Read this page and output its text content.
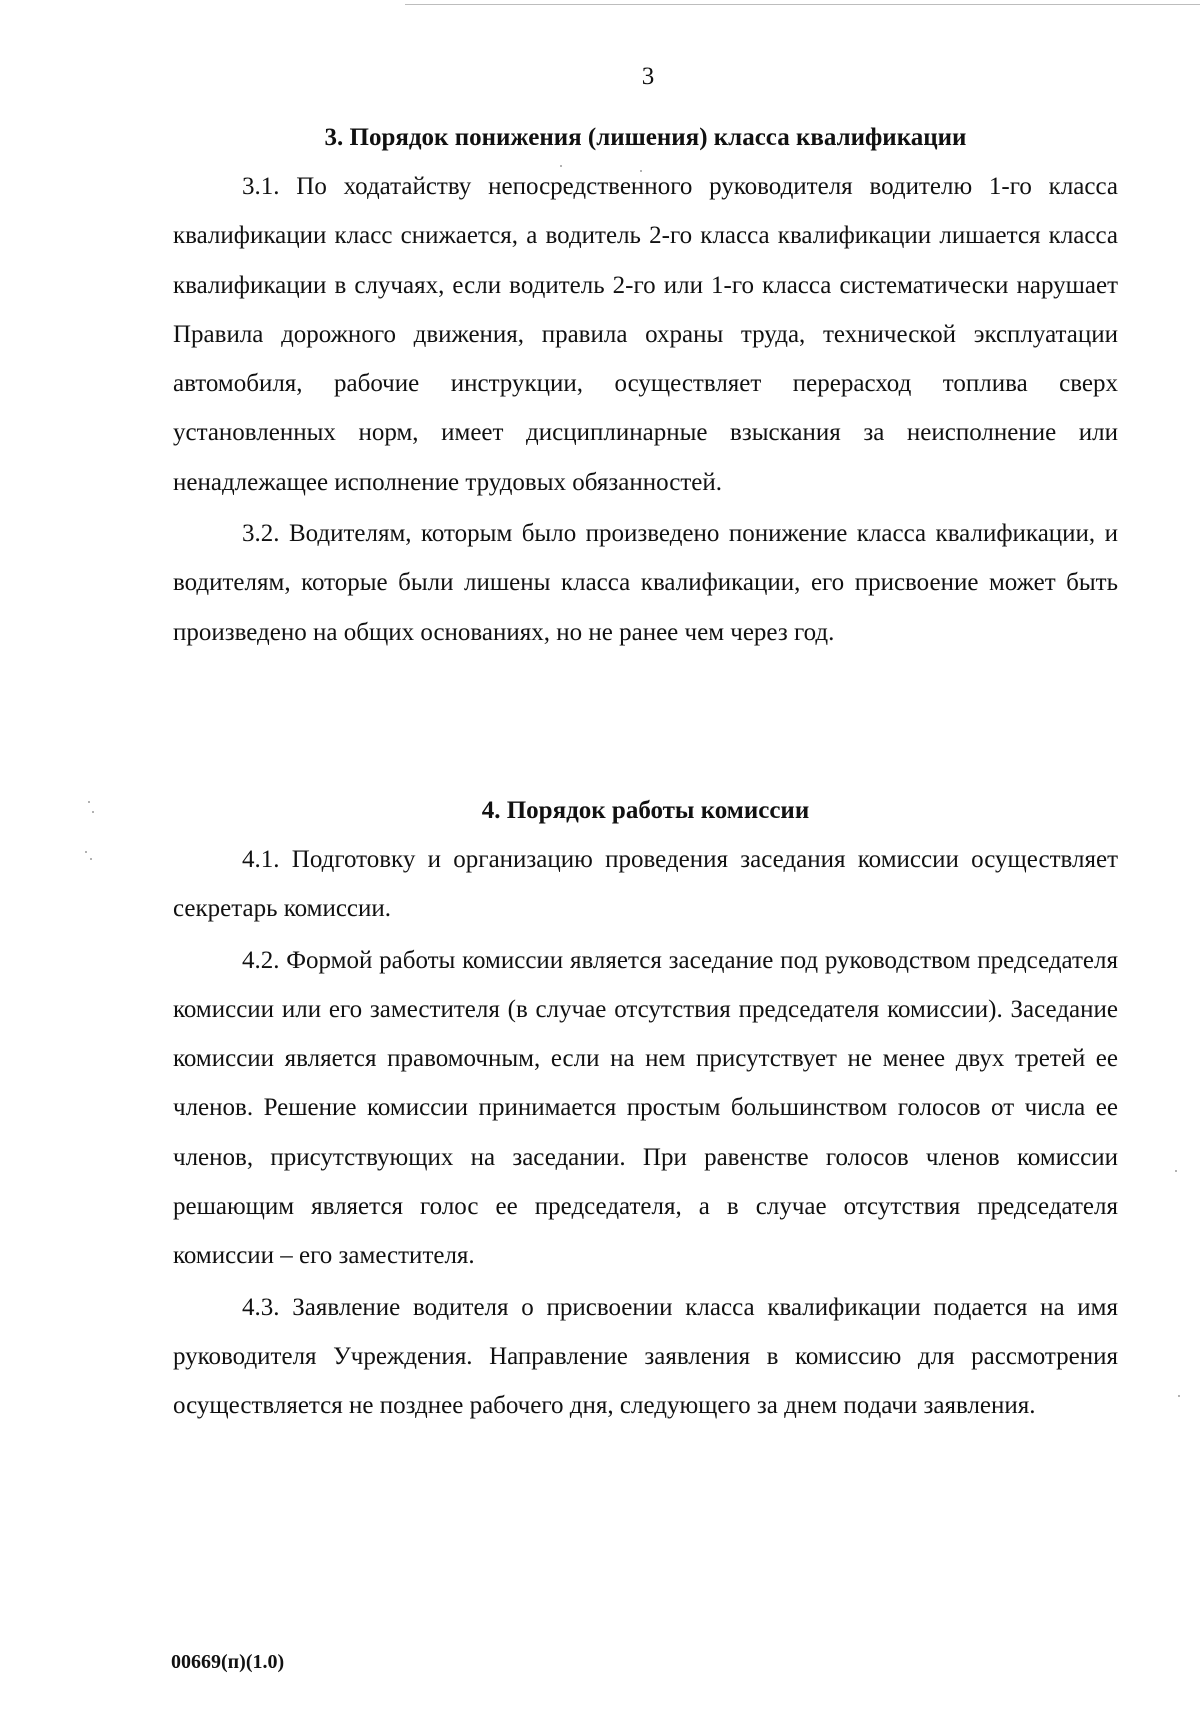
3
3. Порядок понижения (лишения) класса квалификации

3.1. По ходатайству непосредственного руководителя водителю 1-го класса квалификации класс снижается, а водитель 2-го класса квалификации лишается класса квалификации в случаях, если водитель 2-го или 1-го класса систематически нарушает Правила дорожного движения, правила охраны труда, технической эксплуатации автомобиля, рабочие инструкции, осуществляет перерасход топлива сверх установленных норм, имеет дисциплинарные взыскания за неисполнение или ненадлежащее исполнение трудовых обязанностей.

3.2. Водителям, которым было произведено понижение класса квалификации, и водителям, которые были лишены класса квалификации, его присвоение может быть произведено на общих основаниях, но не ранее чем через год.

4. Порядок работы комиссии

4.1. Подготовку и организацию проведения заседания комиссии осуществляет секретарь комиссии.

4.2. Формой работы комиссии является заседание под руководством председателя комиссии или его заместителя (в случае отсутствия председателя комиссии). Заседание комиссии является правомочным, если на нем присутствует не менее двух третей ее членов. Решение комиссии принимается простым большинством голосов от числа ее членов, присутствующих на заседании. При равенстве голосов членов комиссии решающим является голос ее председателя, а в случае отсутствия председателя комиссии – его заместителя.

4.3. Заявление водителя о присвоении класса квалификации подается на имя руководителя Учреждения. Направление заявления в комиссию для рассмотрения осуществляется не позднее рабочего дня, следующего за днем подачи заявления.

00669(п)(1.0)
